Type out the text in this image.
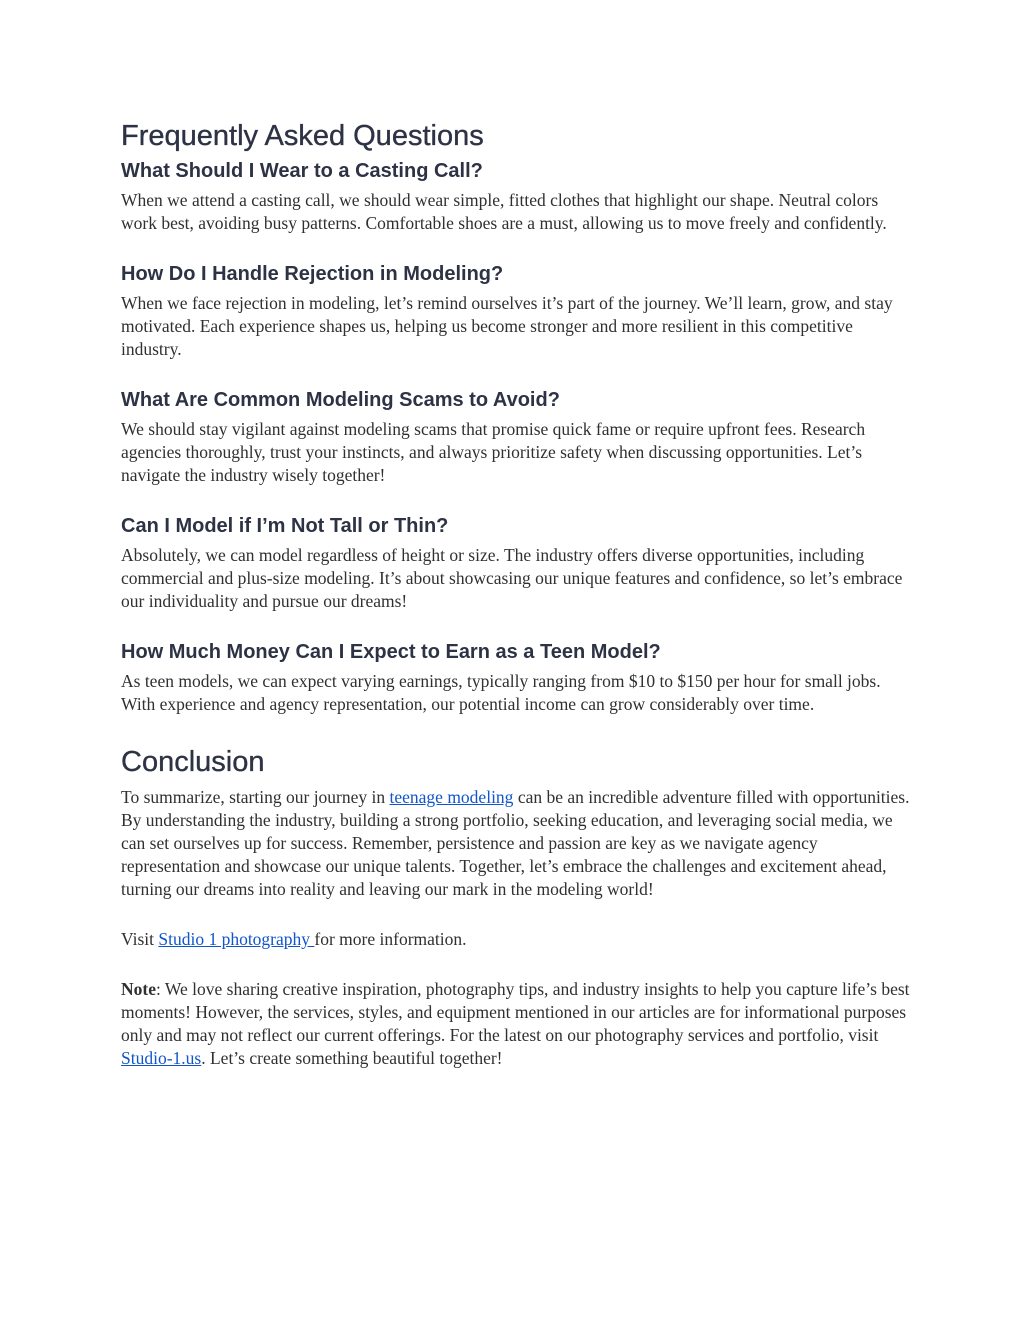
Frequently Asked Questions
What Should I Wear to a Casting Call?

When we attend a casting call, we should wear simple, fitted clothes that highlight our shape. Neutral colors work best, avoiding busy patterns. Comfortable shoes are a must, allowing us to move freely and confidently.

How Do I Handle Rejection in Modeling?

When we face rejection in modeling, let’s remind ourselves it’s part of the journey. We’ll learn, grow, and stay motivated. Each experience shapes us, helping us become stronger and more resilient in this competitive industry.

What Are Common Modeling Scams to Avoid?

We should stay vigilant against modeling scams that promise quick fame or require upfront fees. Research agencies thoroughly, trust your instincts, and always prioritize safety when discussing opportunities. Let’s navigate the industry wisely together!

Can I Model if I’m Not Tall or Thin?

Absolutely, we can model regardless of height or size. The industry offers diverse opportunities, including commercial and plus-size modeling. It’s about showcasing our unique features and confidence, so let’s embrace our individuality and pursue our dreams!

How Much Money Can I Expect to Earn as a Teen Model?

As teen models, we can expect varying earnings, typically ranging from $10 to $150 per hour for small jobs. With experience and agency representation, our potential income can grow considerably over time.

Conclusion

To summarize, starting our journey in teenage modeling can be an incredible adventure filled with opportunities. By understanding the industry, building a strong portfolio, seeking education, and leveraging social media, we can set ourselves up for success. Remember, persistence and passion are key as we navigate agency representation and showcase our unique talents. Together, let’s embrace the challenges and excitement ahead, turning our dreams into reality and leaving our mark in the modeling world!

Visit Studio 1 photography for more information.

Note: We love sharing creative inspiration, photography tips, and industry insights to help you capture life’s best moments! However, the services, styles, and equipment mentioned in our articles are for informational purposes only and may not reflect our current offerings. For the latest on our photography services and portfolio, visit Studio-1.us. Let’s create something beautiful together!
